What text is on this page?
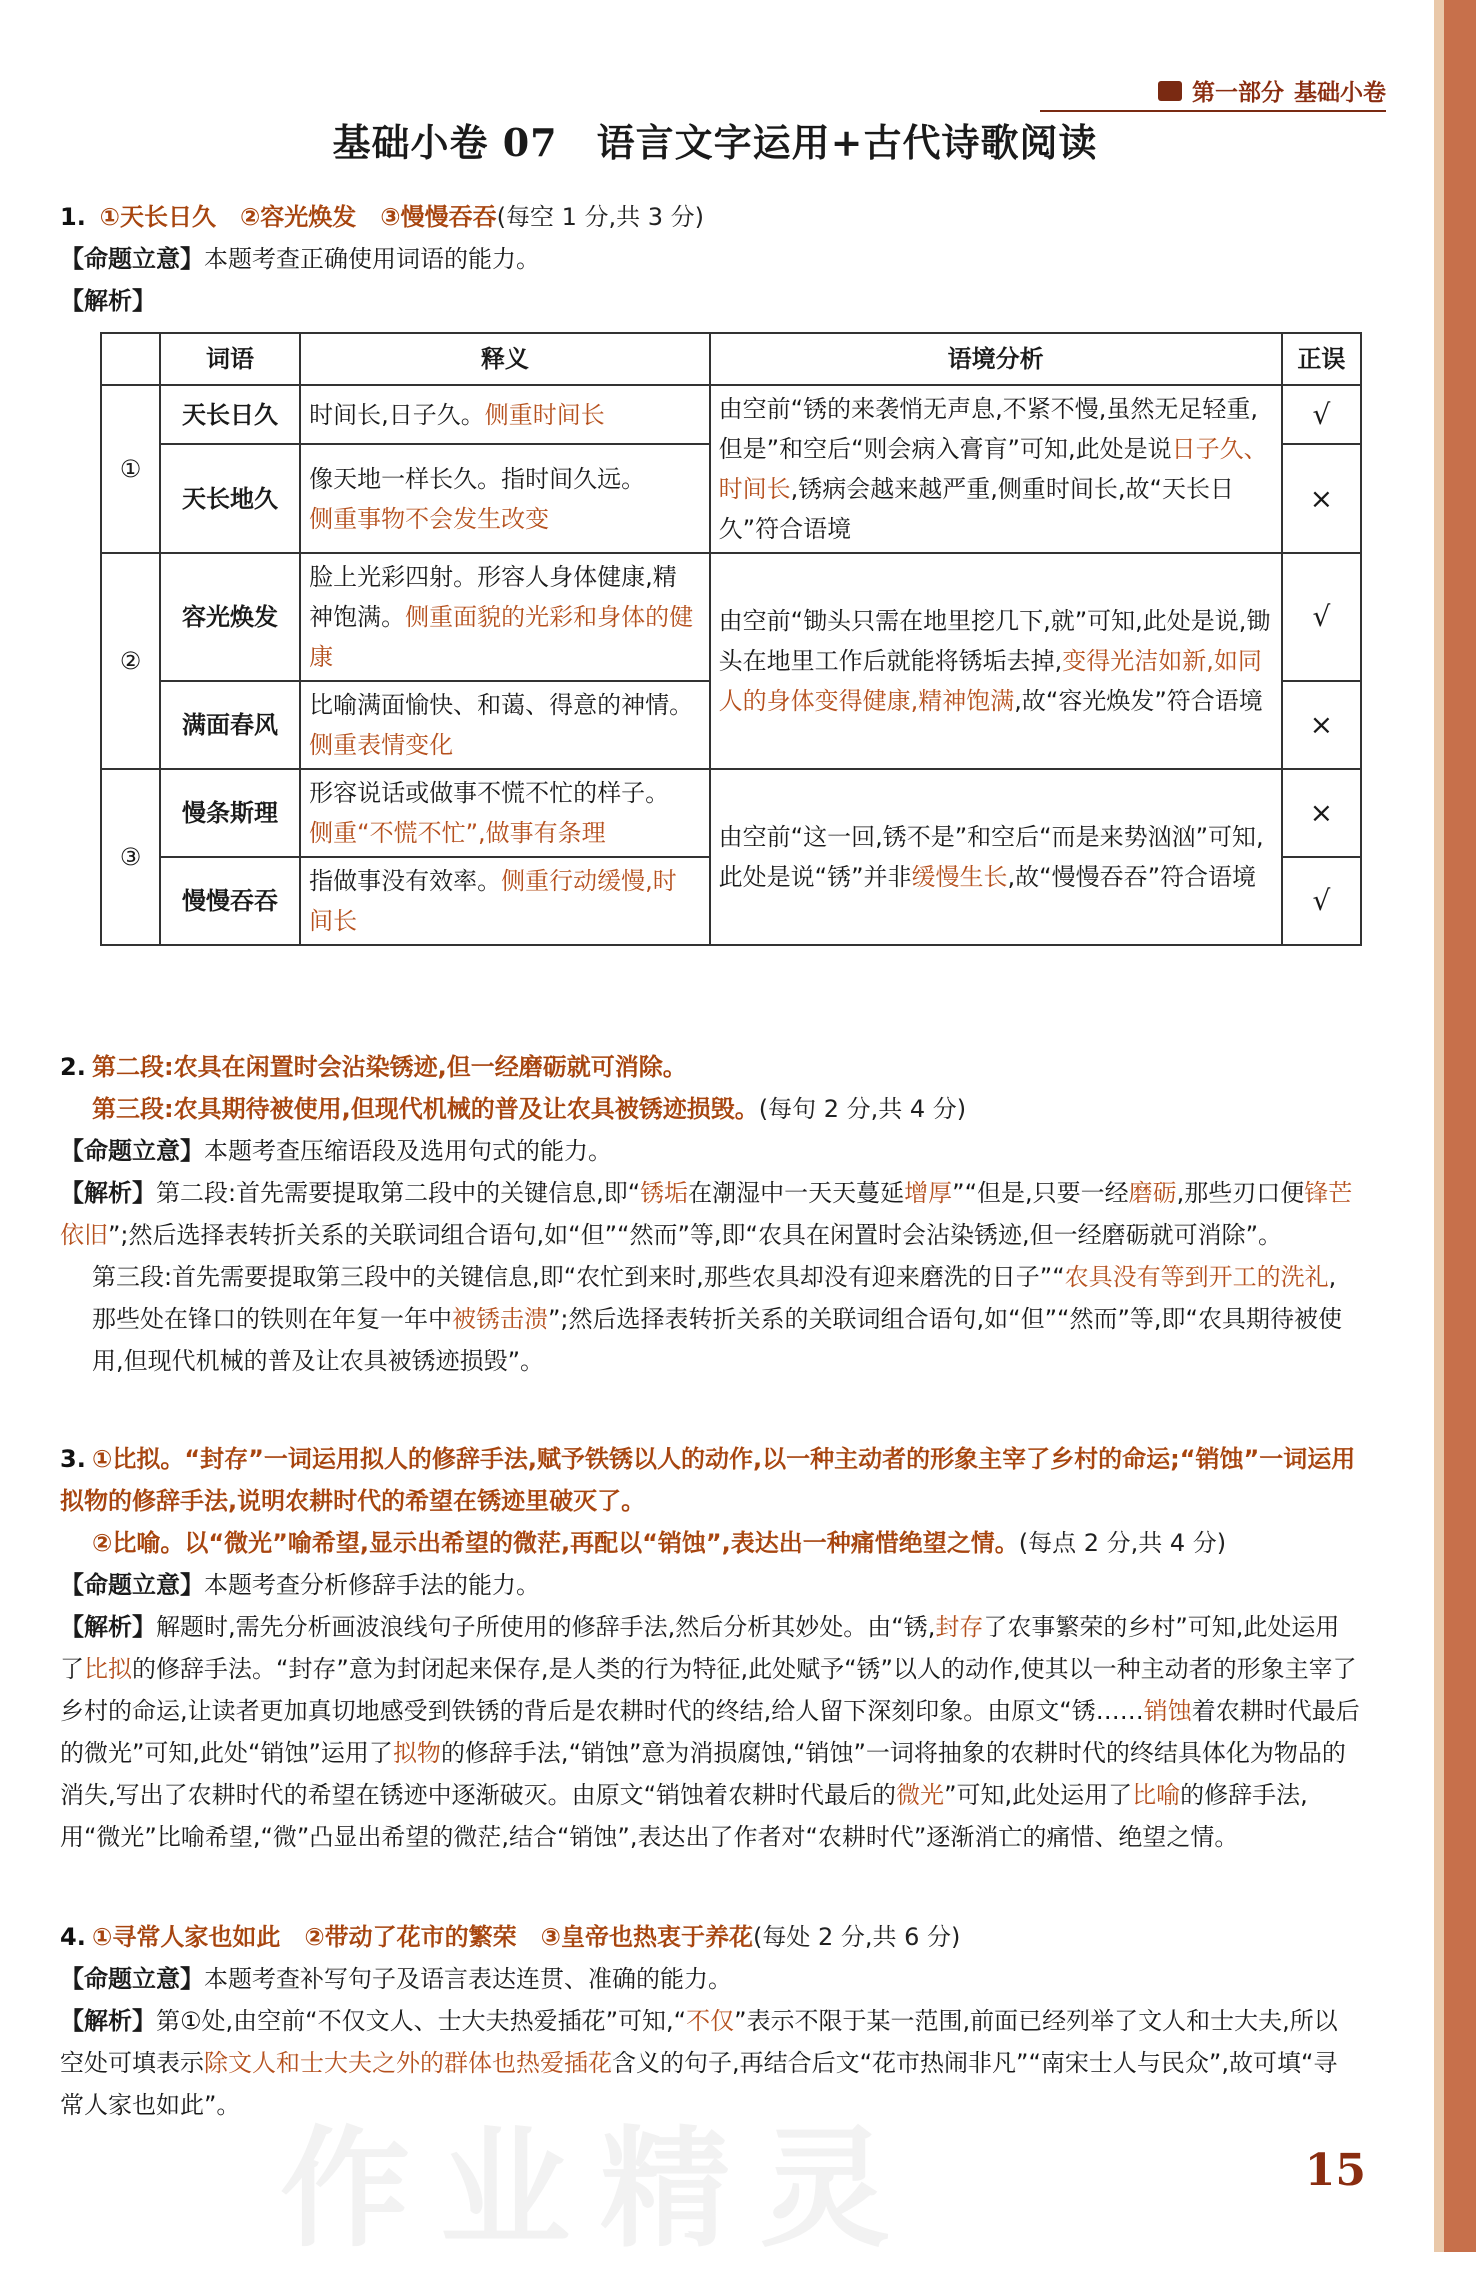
第一部分 基础小卷
基础小卷 07　语言文字运用+古代诗歌阅读
1. ①天长日久　②容光焕发　③慢慢吞吞(每空 1 分,共 3 分)
【命题立意】本题考查正确使用词语的能力。
【解析】
	词语	释义	语境分析	正误
①	天长日久	时间长,日子久。侧重时间长	由空前“锈的来袭悄无声息,不紧不慢,虽然无足轻重,但是”和空后“则会病入膏肓”可知,此处是说日子久、时间长,锈病会越来越严重,侧重时间长,故“天长日久”符合语境	√
	天长地久	像天地一样长久。指时间久远。
侧重事物不会发生改变		×
②	容光焕发	脸上光彩四射。形容人身体健康,精神饱满。侧重面貌的光彩和身体的健康	由空前“锄头只需在地里挖几下,就”可知,此处是说,锄头在地里工作后就能将锈垢去掉,变得光洁如新,如同人的身体变得健康,精神饱满,故“容光焕发”符合语境	√
	满面春风	比喻满面愉快、和蔼、得意的神情。侧重表情变化		×
③	慢条斯理	形容说话或做事不慌不忙的样子。
侧重“不慌不忙”,做事有条理	由空前“这一回,锈不是”和空后“而是来势汹汹”可知,此处是说“锈”并非缓慢生长,故“慢慢吞吞”符合语境	×
	慢慢吞吞	指做事没有效率。侧重行动缓慢,时间长		√
2. 第二段:农具在闲置时会沾染锈迹,但一经磨砺就可消除。
第三段:农具期待被使用,但现代机械的普及让农具被锈迹损毁。(每句 2 分,共 4 分)
【命题立意】本题考查压缩语段及选用句式的能力。
【解析】第二段:首先需要提取第二段中的关键信息,即“锈垢在潮湿中一天天蔓延增厚”“但是,只要一经磨砺,那些刃口便锋芒依旧”;然后选择表转折关系的关联词组合语句,如“但”“然而”等,即“农具在闲置时会沾染锈迹,但一经磨砺就可消除”。
第三段:首先需要提取第三段中的关键信息,即“农忙到来时,那些农具却没有迎来磨洗的日子”“农具没有等到开工的洗礼,那些处在锋口的铁则在年复一年中被锈击溃”;然后选择表转折关系的关联词组合语句,如“但”“然而”等,即“农具期待被使用,但现代机械的普及让农具被锈迹损毁”。
3. ①比拟。“封存”一词运用拟人的修辞手法,赋予铁锈以人的动作,以一种主动者的形象主宰了乡村的命运;“销蚀”一词运用拟物的修辞手法,说明农耕时代的希望在锈迹里破灭了。
②比喻。以“微光”喻希望,显示出希望的微茫,再配以“销蚀”,表达出一种痛惜绝望之情。(每点 2 分,共 4 分)
【命题立意】本题考查分析修辞手法的能力。
【解析】解题时,需先分析画波浪线句子所使用的修辞手法,然后分析其妙处。由“锈,封存了农事繁荣的乡村”可知,此处运用了比拟的修辞手法。“封存”意为封闭起来保存,是人类的行为特征,此处赋予“锈”以人的动作,使其以一种主动者的形象主宰了乡村的命运,让读者更加真切地感受到铁锈的背后是农耕时代的终结,给人留下深刻印象。由原文“锈……销蚀着农耕时代最后的微光”可知,此处“销蚀”运用了拟物的修辞手法,“销蚀”意为消损腐蚀,“销蚀”一词将抽象的农耕时代的终结具体化为物品的消失,写出了农耕时代的希望在锈迹中逐渐破灭。由原文“销蚀着农耕时代最后的微光”可知,此处运用了比喻的修辞手法,用“微光”比喻希望,“微”凸显出希望的微茫,结合“销蚀”,表达出了作者对“农耕时代”逐渐消亡的痛惜、绝望之情。
4. ①寻常人家也如此　②带动了花市的繁荣　③皇帝也热衷于养花(每处 2 分,共 6 分)
【命题立意】本题考查补写句子及语言表达连贯、准确的能力。
【解析】第①处,由空前“不仅文人、士大夫热爱插花”可知,“不仅”表示不限于某一范围,前面已经列举了文人和士大夫,所以空处可填表示除文人和士大夫之外的群体也热爱插花含义的句子,再结合后文“花市热闹非凡”“南宋士人与民众”,故可填“寻常人家也如此”。
作业精灵	15
